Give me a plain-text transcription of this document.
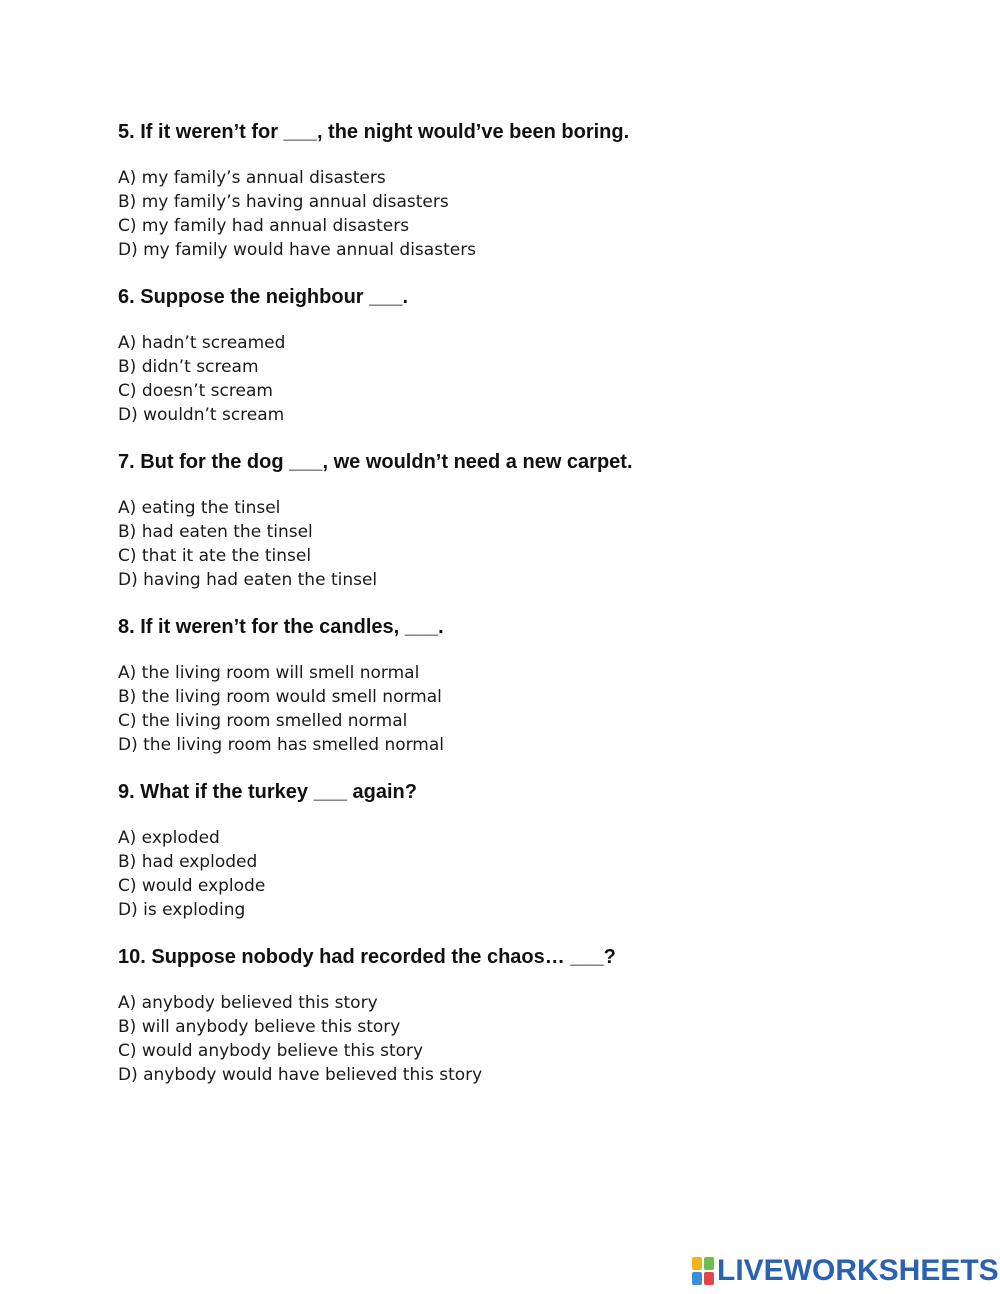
5. If it weren’t for ___, the night would’ve been boring.

A) my family’s annual disasters
B) my family’s having annual disasters
C) my family had annual disasters
D) my family would have annual disasters

6. Suppose the neighbour ___.

A) hadn’t screamed
B) didn’t scream
C) doesn’t scream
D) wouldn’t scream

7. But for the dog ___, we wouldn’t need a new carpet.

A) eating the tinsel
B) had eaten the tinsel
C) that it ate the tinsel
D) having had eaten the tinsel

8. If it weren’t for the candles, ___.

A) the living room will smell normal
B) the living room would smell normal
C) the living room smelled normal
D) the living room has smelled normal

9. What if the turkey ___ again?

A) exploded
B) had exploded
C) would explode
D) is exploding

10. Suppose nobody had recorded the chaos… ___?

A) anybody believed this story
B) will anybody believe this story
C) would anybody believe this story
D) anybody would have believed this story
LIVEWORKSHEETS
